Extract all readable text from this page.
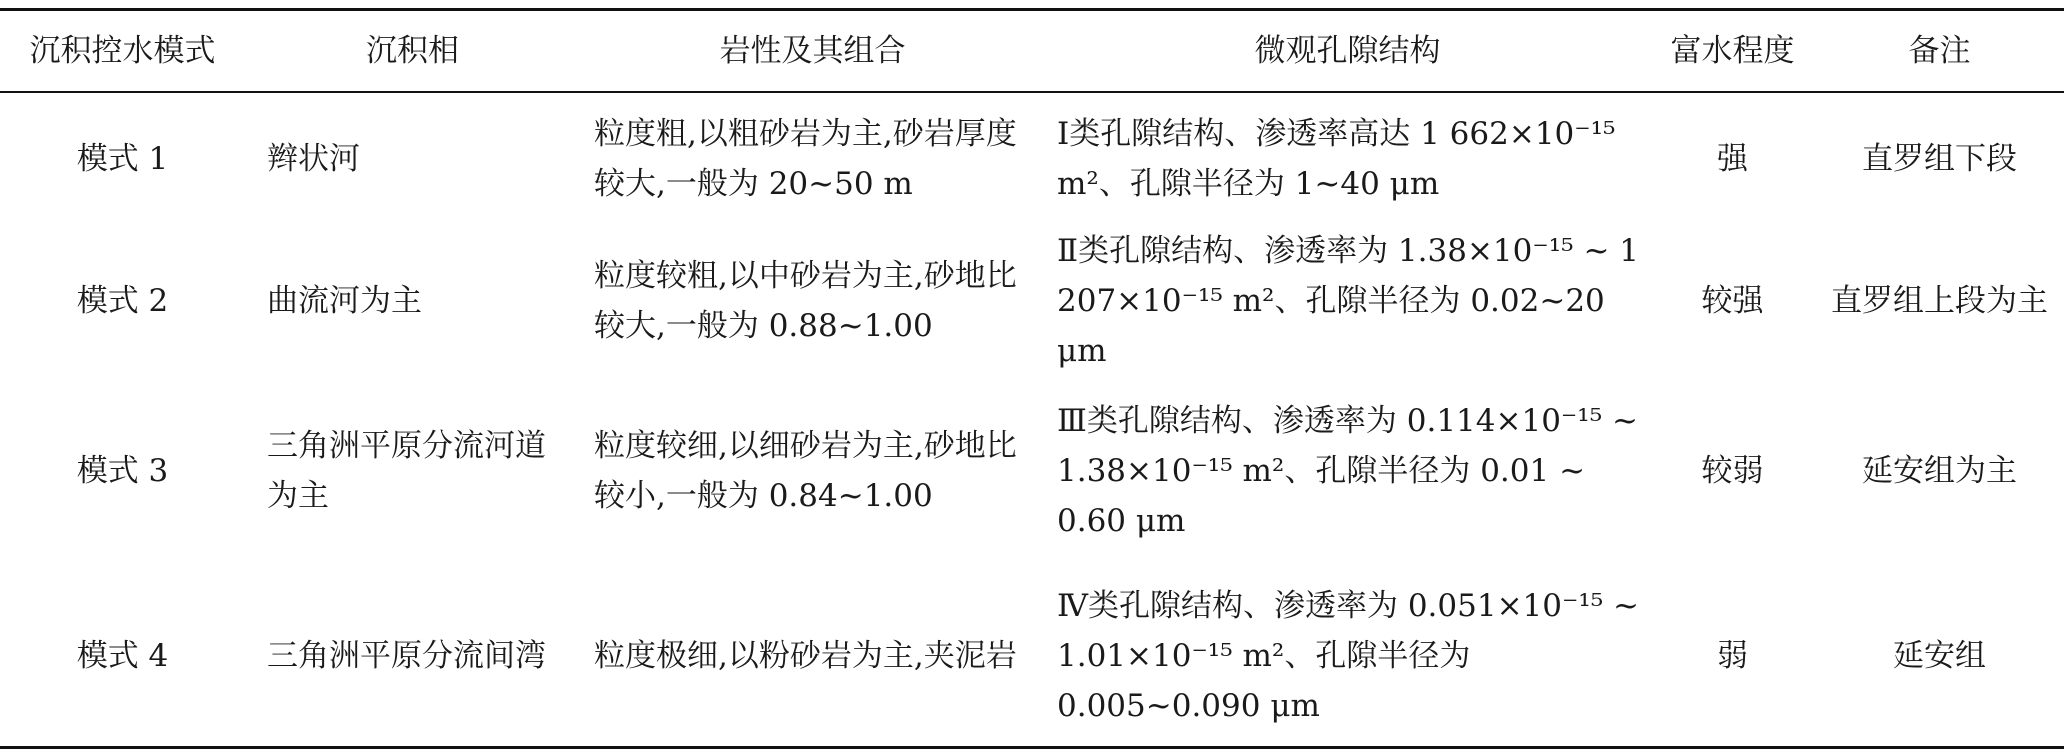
沉积控水模式	沉积相	岩性及其组合	微观孔隙结构	富水程度	备注
模式 1	辫状河	粒度粗,以粗砂岩为主,砂岩厚度较大,一般为 20~50 m	Ⅰ类孔隙结构、渗透率高达 1 662×10⁻¹⁵ m²、孔隙半径为 1~40 μm	强	直罗组下段
模式 2	曲流河为主	粒度较粗,以中砂岩为主,砂地比较大,一般为 0.88~1.00	Ⅱ类孔隙结构、渗透率为 1.38×10⁻¹⁵ ~ 1 207×10⁻¹⁵ m²、孔隙半径为 0.02~20 μm	较强	直罗组上段为主
模式 3	三角洲平原分流河道为主	粒度较细,以细砂岩为主,砂地比较小,一般为 0.84~1.00	Ⅲ类孔隙结构、渗透率为 0.114×10⁻¹⁵ ~ 1.38×10⁻¹⁵ m²、孔隙半径为 0.01 ~ 0.60 μm	较弱	延安组为主
模式 4	三角洲平原分流间湾	粒度极细,以粉砂岩为主,夹泥岩	Ⅳ类孔隙结构、渗透率为 0.051×10⁻¹⁵ ~ 1.01×10⁻¹⁵ m²、孔隙半径为 0.005~0.090 μm	弱	延安组
